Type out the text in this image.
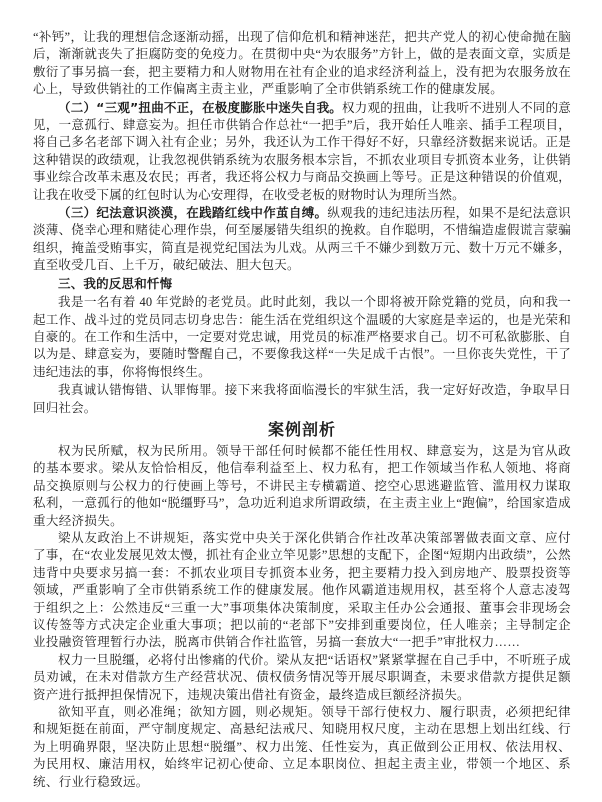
“补钙”，让我的理想信念逐渐动摇，出现了信仰危机和精神迷茫，把共产党人的初心使命抛在脑后，渐渐就丧失了拒腐防变的免疫力。在贯彻中央“为农服务”方针上，做的是表面文章，实质是敷衍了事另搞一套，把主要精力和人财物用在社有企业的追求经济利益上，没有把为农服务放在心上，导致供销社的工作偏离主责主业，严重影响了全市供销系统工作的健康发展。

（二）“三观”扭曲不正，在极度膨胀中迷失自我。权力观的扭曲，让我听不进别人不同的意见，一意孤行、肆意妄为。担任市供销合作总社“一把手”后，我开始任人唯亲、插手工程项目，将自己多名老部下调入社有企业；另外，我还认为工作干得好不好，只靠经济数据来说话。正是这种错误的政绩观，让我忽视供销系统为农服务根本宗旨，不抓农业项目专抓资本业务，让供销事业综合改革未惠及农民；再者，我还将公权力与商品交换画上等号。正是这种错误的价值观，让我在收受下属的红包时认为心安理得，在收受老板的财物时认为理所当然。

（三）纪法意识淡漠，在践踏红线中作茧自缚。纵观我的违纪违法历程，如果不是纪法意识淡薄、侥幸心理和赌徒心理作祟，何至屡屡错失组织的挽救。自作聪明，不惜编造虚假谎言蒙骗组织，掩盖受贿事实，简直是视党纪国法为儿戏。从两三千不嫌少到数万元、数十万元不嫌多，直至收受几百、上千万，破纪破法、胆大包天。

三、我的反思和忏悔

我是一名有着 40 年党龄的老党员。此时此刻，我以一个即将被开除党籍的党员，向和我一起工作、战斗过的党员同志切身忠告：能生活在党组织这个温暖的大家庭是幸运的，也是光荣和自豪的。在工作和生活中，一定要对党忠诚，用党员的标准严格要求自己。切不可私欲膨胀、自以为是、肆意妄为，要随时警醒自己，不要像我这样“一失足成千古恨”。一旦你丧失党性，干了违纪违法的事，你将悔恨终生。

我真诚认错悔错、认罪悔罪。接下来我将面临漫长的牢狱生活，我一定好好改造，争取早日回归社会。

案例剖析

权为民所赋，权为民所用。领导干部任何时候都不能任性用权、肆意妄为，这是为官从政的基本要求。梁从友恰恰相反，他信奉利益至上、权力私有，把工作领域当作私人领地、将商品交换原则与公权力的行使画上等号，不讲民主专横霸道、挖空心思逃避监管、滥用权力谋取私利，一意孤行的他如“脱缰野马”，急功近利追求所谓政绩，在主责主业上“跑偏”，给国家造成重大经济损失。

梁从友政治上不讲规矩，落实党中央关于深化供销合作社改革决策部署做表面文章、应付了事，在“农业发展见效太慢，抓社有企业立竿见影”思想的支配下，企图“短期内出政绩”，公然违背中央要求另搞一套：不抓农业项目专抓资本业务，把主要精力投入到房地产、股票投资等领域，严重影响了全市供销系统工作的健康发展。他作风霸道违规用权，甚至将个人意志凌驾于组织之上：公然违反“三重一大”事项集体决策制度，采取主任办公会通报、董事会非现场会议传签等方式决定企业重大事项；把以前的“老部下”安排到重要岗位，任人唯亲；主导制定企业投融资管理暂行办法，脱离市供销合作社监管，另搞一套放大“一把手”审批权力……

权力一旦脱缰，必将付出惨痛的代价。梁从友把“话语权”紧紧掌握在自己手中，不听班子成员劝诫，在未对借款方生产经营状况、债权债务情况等开展尽职调查，未要求借款方提供足额资产进行抵押担保情况下，违规决策出借社有资金，最终造成巨额经济损失。

欲知平直，则必准绳；欲知方圆，则必规矩。领导干部行使权力、履行职责，必须把纪律和规矩挺在前面，严守制度规定、高悬纪法戒尺、知晓用权尺度，主动在思想上划出红线、行为上明确界限，坚决防止思想“脱缰”、权力出笼、任性妄为，真正做到公正用权、依法用权、为民用权、廉洁用权，始终牢记初心使命、立足本职岗位、担起主责主业，带领一个地区、系统、行业行稳致远。
